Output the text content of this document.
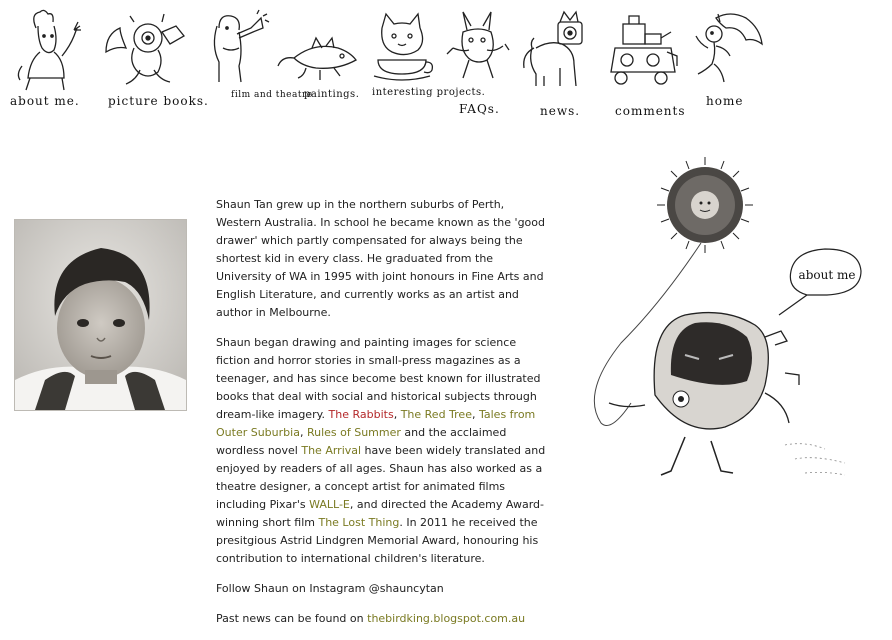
about me. picture books. film and theatre
paintings. interesting projects.
FAQs.	news.	comments
home

Shaun Tan grew up in the northern suburbs of Perth, Western Australia. In school he became known as the 'good drawer' which partly compensated for always being the shortest kid in every class. He graduated from the University of WA in 1995 with joint honours in Fine Arts and English Literature, and currently works as an artist and author in Melbourne.

Shaun began drawing and painting images for science fiction and horror stories in small-press magazines as a teenager, and has since become best known for illustrated books that deal with social and historical subjects through dream-like imagery. The Rabbits, The Red Tree, Tales from Outer Suburbia, Rules of Summer and the acclaimed wordless novel The Arrival have been widely translated and enjoyed by readers of all ages. Shaun has also worked as a theatre designer, a concept artist for animated films including Pixar's WALL-E, and directed the Academy Award-winning short film The Lost Thing. In 2011 he received the presitgious Astrid Lindgren Memorial Award, honouring his contribution to international children's literature.

Follow Shaun on Instagram @shauncytan

Past news can be found on thebirdking.blogspot.com.au

about me
